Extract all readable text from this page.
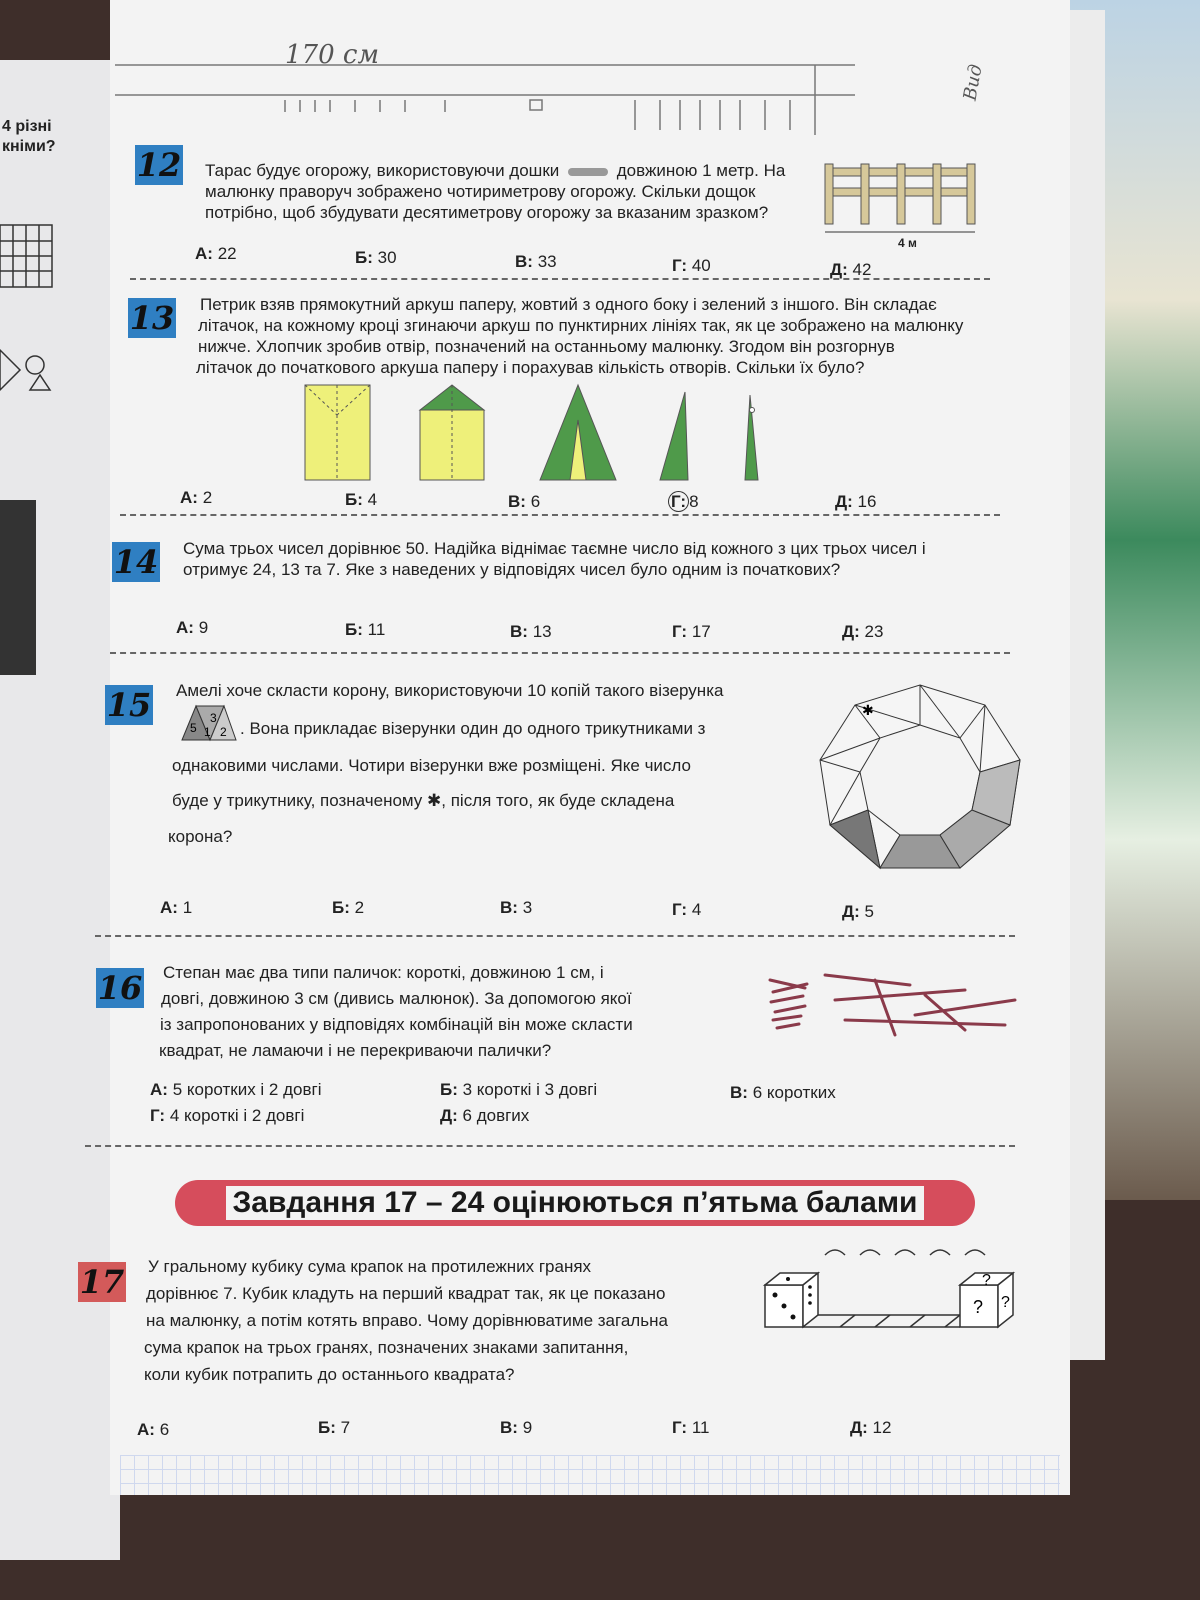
4 різні
кніми?
170 см
Вид
12 Тарас будує огорожу, використовуючи дошки	довжиною 1 метр. На
малюнку праворуч зображено чотириметрову огорожу. Скільки дощок
потрібно, щоб збудувати десятиметрову огорожу за вказаним зразком?
4 м
А: 22	Б: 30	В: 33	Г: 40	Д: 42
13 Петрик взяв прямокутний аркуш паперу, жовтий з одного боку і зелений з іншого. Він складає
літачок, на кожному кроці згинаючи аркуш по пунктирних лініях так, як це зображено на малюнку
нижче. Хлопчик зробив отвір, позначений на останньому малюнку. Згодом він розгорнув
літачок до початкового аркуша паперу і порахував кількість отворів. Скільки їх було?
А: 2	Б: 4	В: 6	Г: 8	Д: 16
14 Сума трьох чисел дорівнює 50. Надійка віднімає таємне число від кожного з цих трьох чисел і
отримує 24, 13 та 7. Яке з наведених у відповідях чисел було одним із початкових?
А: 9	Б: 11	В: 13	Г: 17	Д: 23
15 Амелі хоче скласти корону, використовуючи 10 копій такого візерунка
5
3
1 2 . Вона прикладає візерунки один до одного трикутниками з
однаковими числами. Чотири візерунки вже розміщені. Яке число
буде у трикутнику, позначеному ✱, після того, як буде складена
корона?
✱
А: 1	Б: 2	В: 3	Г: 4	Д: 5
16 Степан має два типи паличок: короткі, довжиною 1 см, і
довгі, довжиною 3 см (дивись малюнок). За допомогою якої
із запропонованих у відповідях комбінацій він може скласти
квадрат, не ламаючи і не перекриваючи палички?
А: 5 коротких і 2 довгі	Б: 3 короткі і 3 довгі	В: 6 коротких
Г: 4 короткі і 2 довгі	Д: 6 довгих
Завдання 17 – 24 оцінюються п’ятьма балами
17 У гральному кубику сума крапок на протилежних гранях
дорівнює 7. Кубик кладуть на перший квадрат так, як це показано
на малюнку, а потім котять вправо. Чому дорівнюватиме загальна
сума крапок на трьох гранях, позначених знаками запитання,
коли кубик потрапить до останнього квадрата?
?
? ?
А: 6	Б: 7	В: 9	Г: 11	Д: 12
